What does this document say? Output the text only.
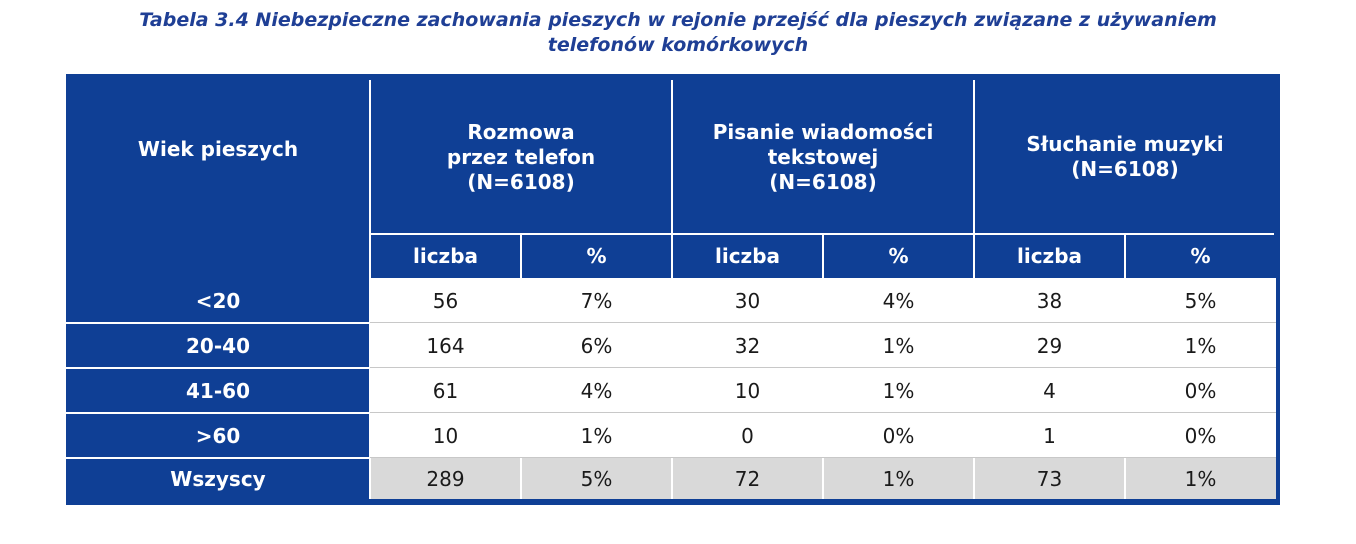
Tabela 3.4 Niebezpieczne zachowania pieszych w rejonie przejść dla pieszych związane z używaniem
telefonów komórkowych
Wiek pieszych
Rozmowa
przez telefon
(N=6108)
Pisanie wiadomości
tekstowej
(N=6108)
Słuchanie muzyki
(N=6108)
liczba	%	liczba	%	liczba	%
<20	56	7%	30	4%	38	5%
20-40	164	6%	32	1%	29	1%
41-60	61	4%	10	1%	4	0%
>60	10	1%	0	0%	1	0%
Wszyscy	289	5%	72	1%	73	1%
